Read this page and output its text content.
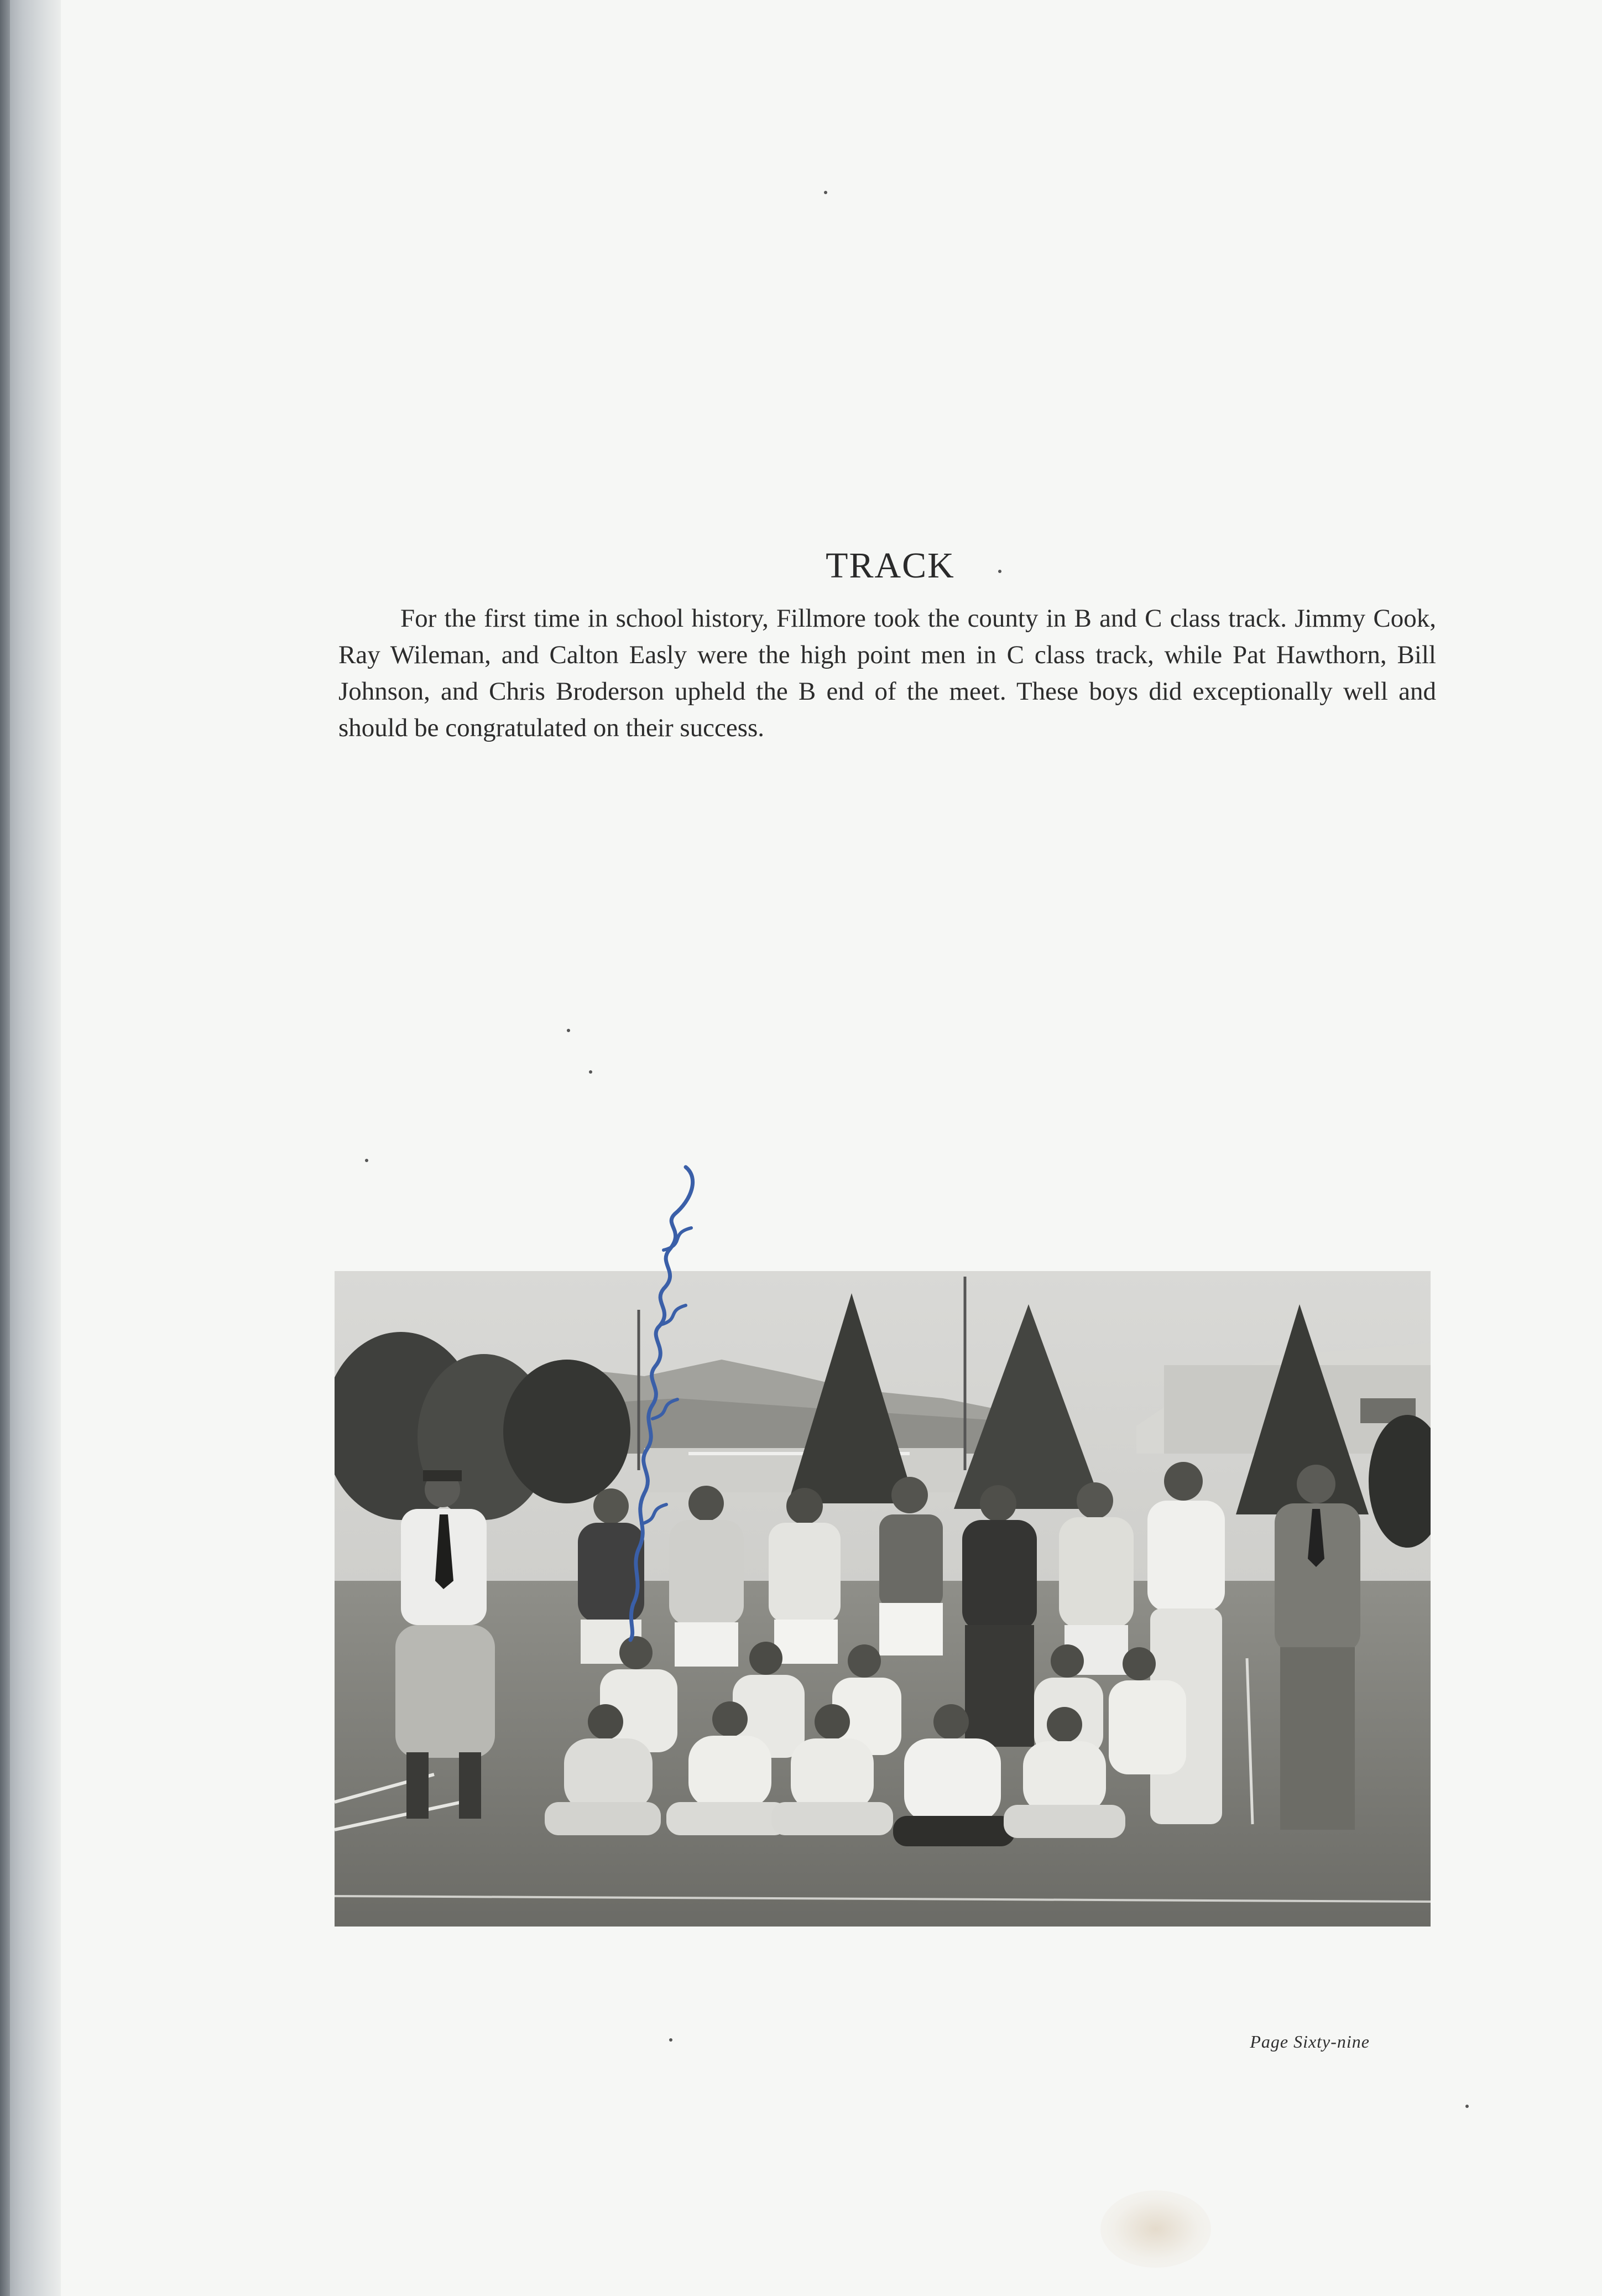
TRACK

For the first time in school history, Fillmore took the county in B and C class track. Jimmy Cook, Ray Wileman, and Calton Easly were the high point men in C class track, while Pat Hawthorn, Bill Johnson, and Chris Broderson upheld the B end of the meet. These boys did exceptionally well and should be congratulated on their success.

Page Sixty-nine
